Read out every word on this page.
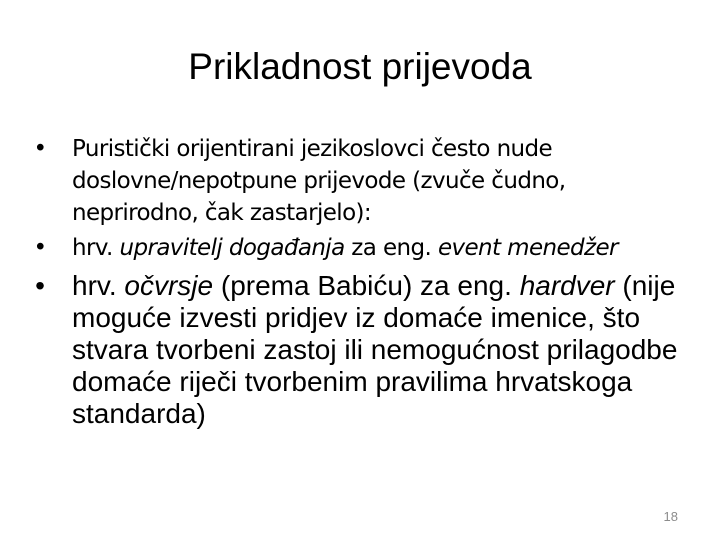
Prikladnost prijevoda
• Puristički orijentirani jezikoslovci često nude doslovne/nepotpune prijevode (zvuče čudno, neprirodno, čak zastarjelo):
• hrv. upravitelj događanja za eng. event menedžer
• hrv. očvrsje (prema Babiću) za eng. hardver (nije moguće izvesti pridjev iz domaće imenice, što stvara tvorbeni zastoj ili nemogućnost prilagodbe domaće riječi tvorbenim pravilima hrvatskoga standarda)
18
